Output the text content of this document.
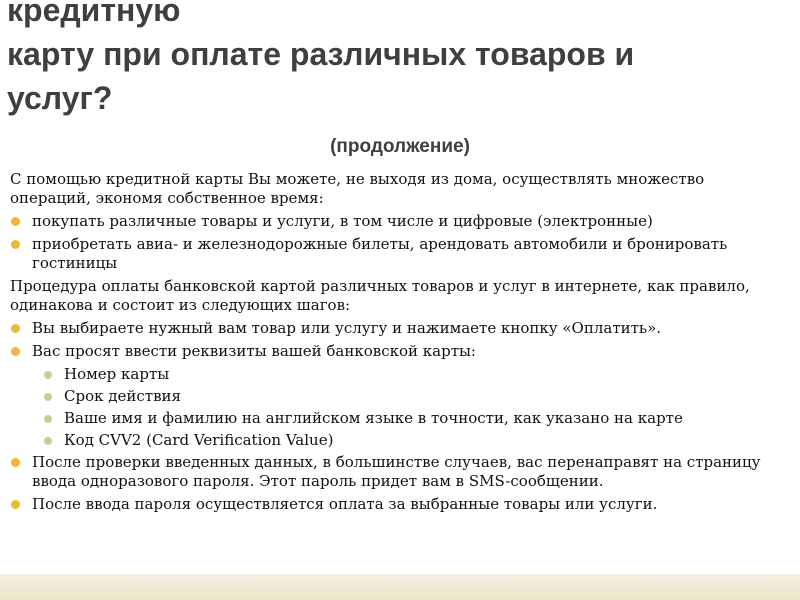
кредитную
карту при оплате различных товаров и
услуг?
(продолжение)
С помощью кредитной карты Вы можете, не выходя из дома, осуществлять множество операций, экономя собственное время:
покупать различные товары и услуги, в том числе и цифровые (электронные)
приобретать авиа- и железнодорожные билеты, арендовать автомобили и бронировать гостиницы
Процедура оплаты банковской картой различных товаров и услуг в интернете, как правило, одинакова и состоит из следующих шагов:
Вы выбираете нужный вам товар или услугу и нажимаете кнопку «Оплатить».
Вас просят ввести реквизиты вашей банковской карты:
Номер карты
Срок действия
Ваше имя и фамилию на английском языке в точности, как указано на карте
Код CVV2 (Card Verification Value)
После проверки введенных данных, в большинстве случаев, вас перенаправят на страницу ввода одноразового пароля. Этот пароль придет вам в SMS-сообщении.
После ввода пароля осуществляется оплата за выбранные товары или услуги.
